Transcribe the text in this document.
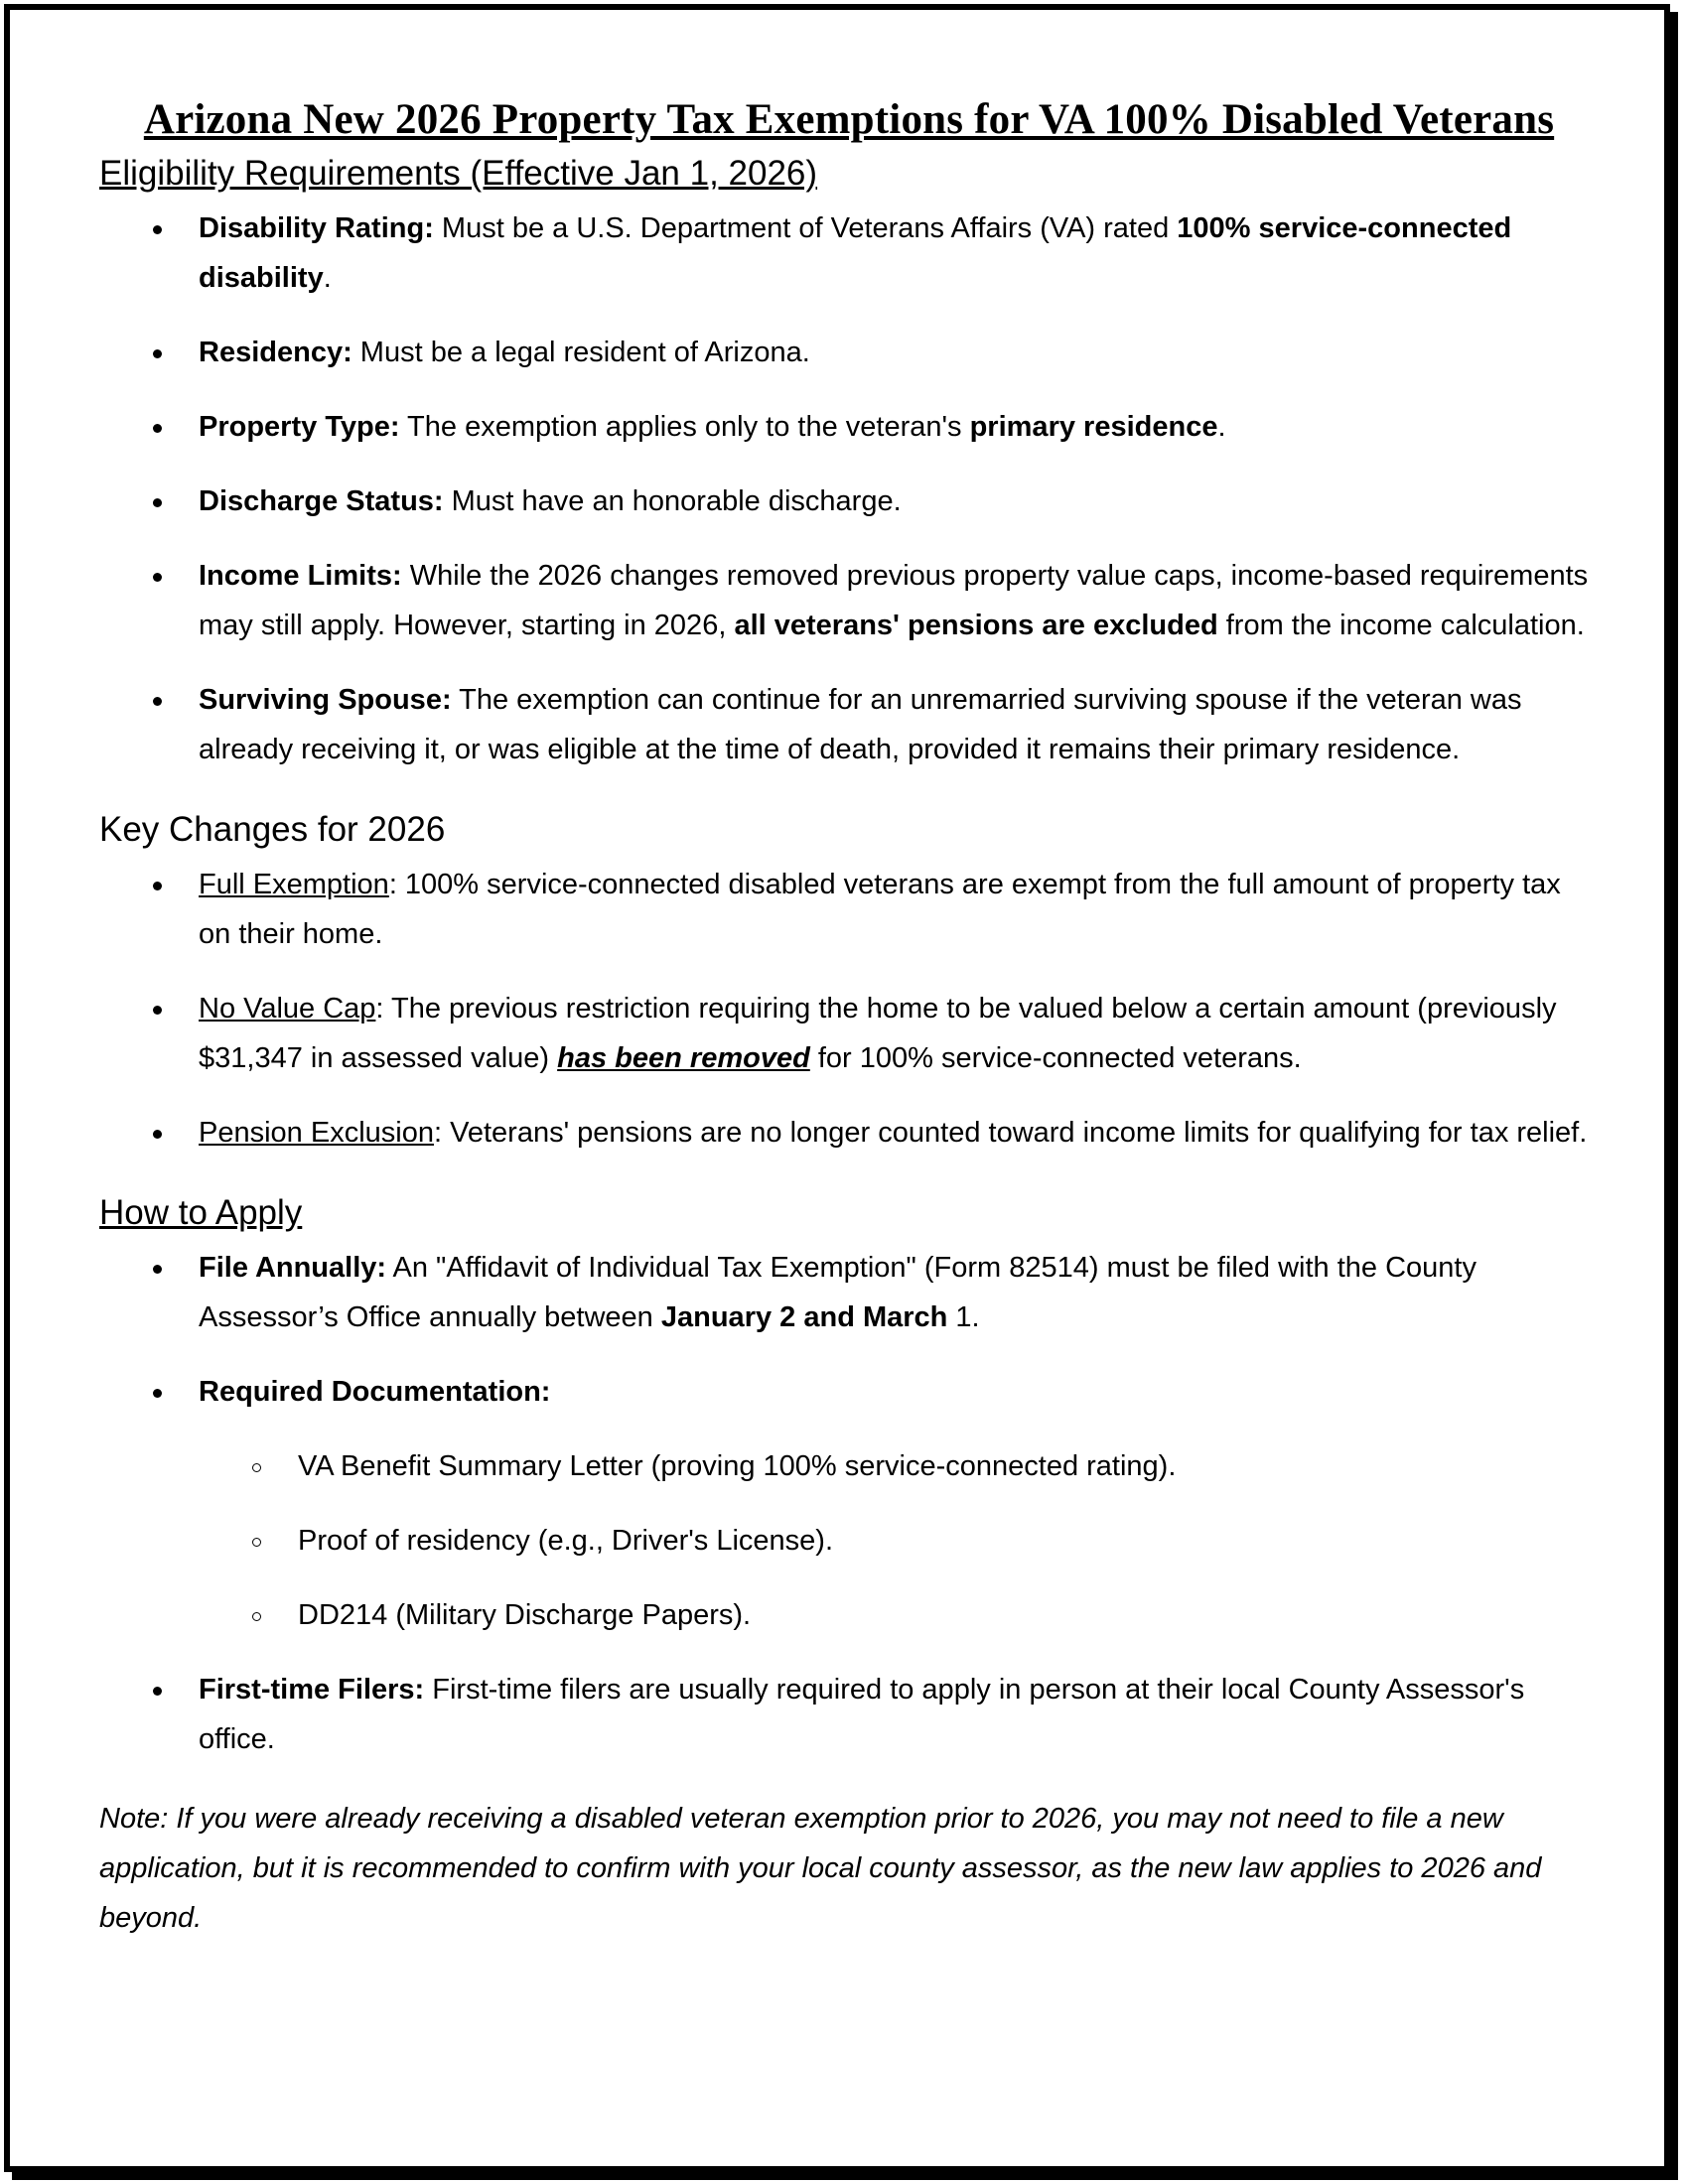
Arizona New 2026 Property Tax Exemptions for VA 100% Disabled Veterans
Eligibility Requirements (Effective Jan 1, 2026)
Disability Rating: Must be a U.S. Department of Veterans Affairs (VA) rated 100% service-connected disability.
Residency: Must be a legal resident of Arizona.
Property Type: The exemption applies only to the veteran's primary residence.
Discharge Status: Must have an honorable discharge.
Income Limits: While the 2026 changes removed previous property value caps, income-based requirements may still apply. However, starting in 2026, all veterans' pensions are excluded from the income calculation.
Surviving Spouse: The exemption can continue for an unremarried surviving spouse if the veteran was already receiving it, or was eligible at the time of death, provided it remains their primary residence.
Key Changes for 2026
Full Exemption: 100% service-connected disabled veterans are exempt from the full amount of property tax on their home.
No Value Cap: The previous restriction requiring the home to be valued below a certain amount (previously $31,347 in assessed value) has been removed for 100% service-connected veterans.
Pension Exclusion: Veterans' pensions are no longer counted toward income limits for qualifying for tax relief.
How to Apply
File Annually: An "Affidavit of Individual Tax Exemption" (Form 82514) must be filed with the County Assessor’s Office annually between January 2 and March 1.
Required Documentation:
VA Benefit Summary Letter (proving 100% service-connected rating).
Proof of residency (e.g., Driver's License).
DD214 (Military Discharge Papers).
First-time Filers: First-time filers are usually required to apply in person at their local County Assessor's office.

Note: If you were already receiving a disabled veteran exemption prior to 2026, you may not need to file a new application, but it is recommended to confirm with your local county assessor, as the new law applies to 2026 and beyond.
